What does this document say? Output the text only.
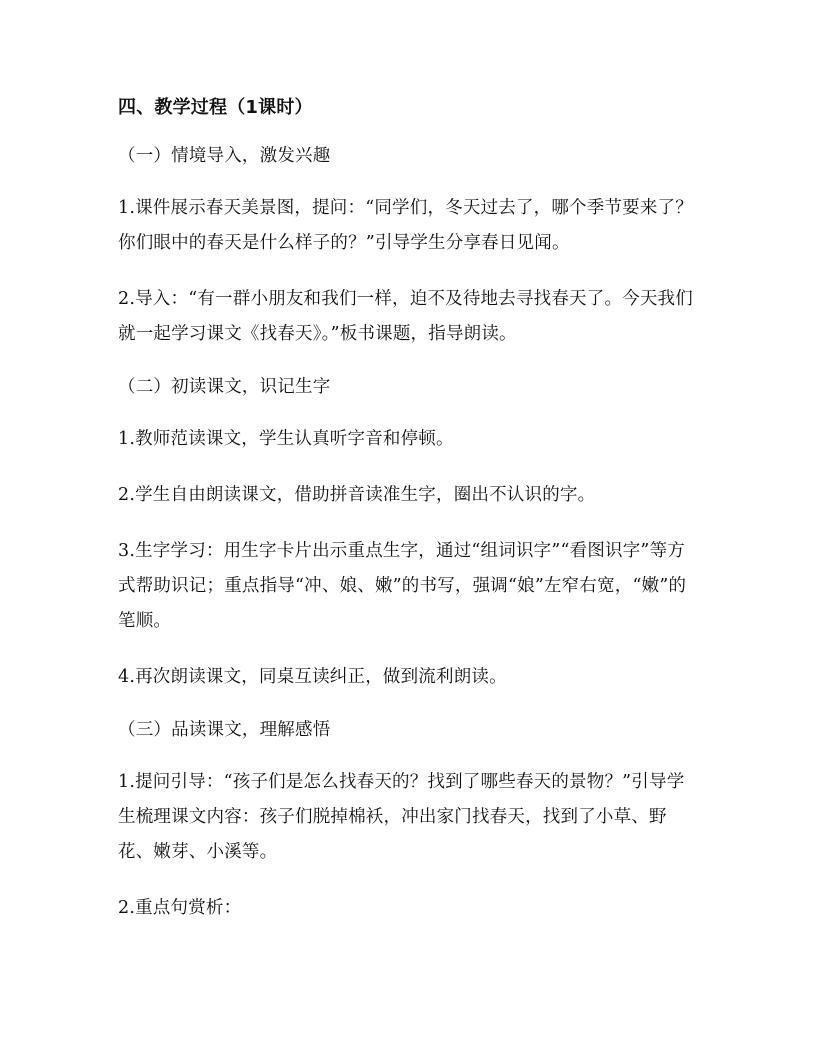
四、教学过程（1课时）
（一）情境导入，激发兴趣
1.课件展示春天美景图，提问：“同学们，冬天过去了，哪个季节要来了？你们眼中的春天是什么样子的？”引导学生分享春日见闻。
2.导入：“有一群小朋友和我们一样，迫不及待地去寻找春天了。今天我们就一起学习课文《找春天》。”板书课题，指导朗读。
（二）初读课文，识记生字
1.教师范读课文，学生认真听字音和停顿。
2.学生自由朗读课文，借助拼音读准生字，圈出不认识的字。
3.生字学习：用生字卡片出示重点生字，通过“组词识字”“看图识字”等方式帮助识记；重点指导“冲、娘、嫩”的书写，强调“娘”左窄右宽，“嫩”的笔顺。
4.再次朗读课文，同桌互读纠正，做到流利朗读。
（三）品读课文，理解感悟
1.提问引导：“孩子们是怎么找春天的？找到了哪些春天的景物？”引导学生梳理课文内容：孩子们脱掉棉袄，冲出家门找春天，找到了小草、野花、嫩芽、小溪等。
2.重点句赏析：
